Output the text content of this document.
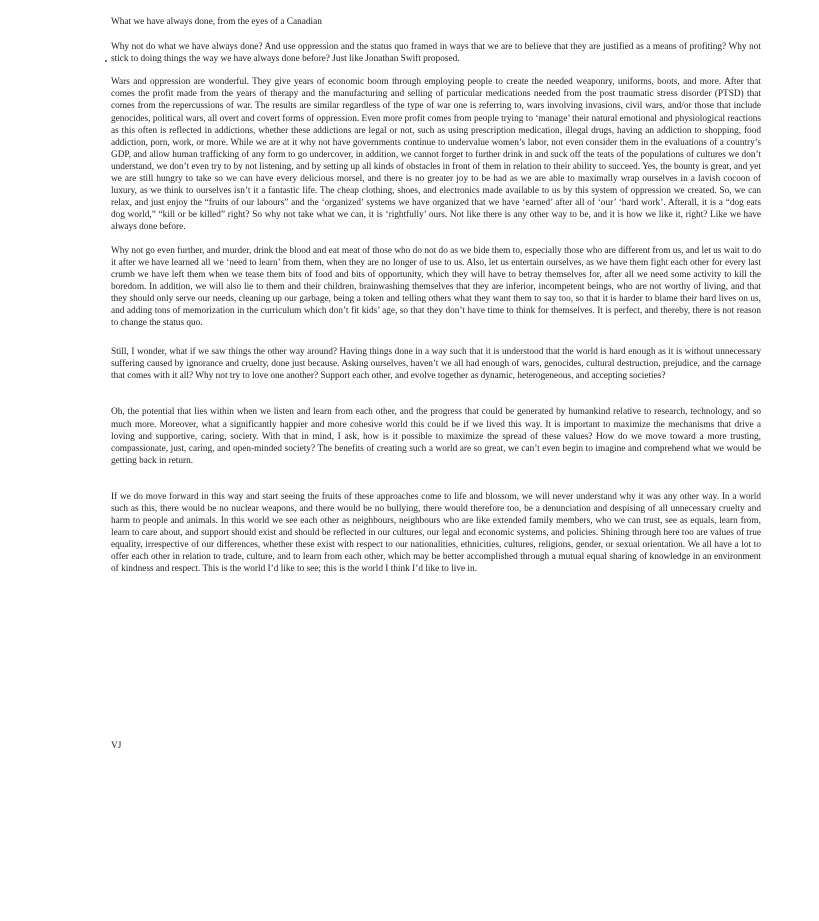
What we have always done, from the eyes of a Canadian

Why not do what we have always done? And use oppression and the status quo framed in ways that we are to believe that they are justified as a means of profiting? Why not stick to doing things the way we have always done before? Just like Jonathan Swift proposed.

Wars and oppression are wonderful. They give years of economic boom through employing people to create the needed weaponry, uniforms, boots, and more. After that comes the profit made from the years of therapy and the manufacturing and selling of particular medications needed from the post traumatic stress disorder (PTSD) that comes from the repercussions of war. The results are similar regardless of the type of war one is referring to, wars involving invasions, civil wars, and/or those that include genocides, political wars, all overt and covert forms of oppression. Even more profit comes from people trying to ‘manage’ their natural emotional and physiological reactions as this often is reflected in addictions, whether these addictions are legal or not, such as using prescription medication, illegal drugs, having an addiction to shopping, food addiction, porn, work, or more. While we are at it why not have governments continue to undervalue women’s labor, not even consider them in the evaluations of a country’s GDP, and allow human trafficking of any form to go undercover, in addition, we cannot forget to further drink in and suck off the teats of the populations of cultures we don’t understand, we don’t even try to by not listening, and by setting up all kinds of obstacles in front of them in relation to their ability to succeed. Yes, the bounty is great, and yet we are still hungry to take so we can have every delicious morsel, and there is no greater joy to be had as we are able to maximally wrap ourselves in a lavish cocoon of luxury, as we think to ourselves isn’t it a fantastic life. The cheap clothing, shoes, and electronics made available to us by this system of oppression we created. So, we can relax, and just enjoy the “fruits of our labours” and the ‘organized’ systems we have organized that we have ‘earned’ after all of ‘our’ ‘hard work’. Afterall, it is a “dog eats dog world,” “kill or be killed” right? So why not take what we can, it is ‘rightfully’ ours. Not like there is any other way to be, and it is how we like it, right? Like we have always done before.

Why not go even further, and murder, drink the blood and eat meat of those who do not do as we bide them to, especially those who are different from us, and let us wait to do it after we have learned all we ‘need to learn’ from them, when they are no longer of use to us. Also, let us entertain ourselves, as we have them fight each other for every last crumb we have left them when we tease them bits of food and bits of opportunity, which they will have to betray themselves for, after all we need some activity to kill the boredom. In addition, we will also lie to them and their children, brainwashing themselves that they are inferior, incompetent beings, who are not worthy of living, and that they should only serve our needs, cleaning up our garbage, being a token and telling others what they want them to say too, so that it is harder to blame their hard lives on us, and adding tons of memorization in the curriculum which don’t fit kids’ age, so that they don’t have time to think for themselves. It is perfect, and thereby, there is not reason to change the status quo.

Still, I wonder, what if we saw things the other way around? Having things done in a way such that it is understood that the world is hard enough as it is without unnecessary suffering caused by ignorance and cruelty, done just because. Asking ourselves, haven’t we all had enough of wars, genocides, cultural destruction, prejudice, and the carnage that comes with it all? Why not try to love one another? Support each other, and evolve together as dynamic, heterogeneous, and accepting societies?

Oh, the potential that lies within when we listen and learn from each other, and the progress that could be generated by humankind relative to research, technology, and so much more. Moreover, what a significantly happier and more cohesive world this could be if we lived this way. It is important to maximize the mechanisms that drive a loving and supportive, caring, society. With that in mind, I ask, how is it possible to maximize the spread of these values? How do we move toward a more trusting, compassionate, just, caring, and open-minded society? The benefits of creating such a world are so great, we can’t even begin to imagine and comprehend what we would be getting back in return.

If we do move forward in this way and start seeing the fruits of these approaches come to life and blossom, we will never understand why it was any other way. In a world such as this, there would be no nuclear weapons, and there would be no bullying, there would therefore too, be a denunciation and despising of all unnecessary cruelty and harm to people and animals. In this world we see each other as neighbours, neighbours who are like extended family members, who we can trust, see as equals, learn from, learn to care about, and support should exist and should be reflected in our cultures, our legal and economic systems, and policies. Shining through here too are values of true equality, irrespective of our differences, whether these exist with respect to our nationalities, ethnicities, cultures, religions, gender, or sexual orientation. We all have a lot to offer each other in relation to trade, culture, and to learn from each other, which may be better accomplished through a mutual equal sharing of knowledge in an environment of kindness and respect. This is the world I’d like to see; this is the world I think I’d like to live in.

VJ
